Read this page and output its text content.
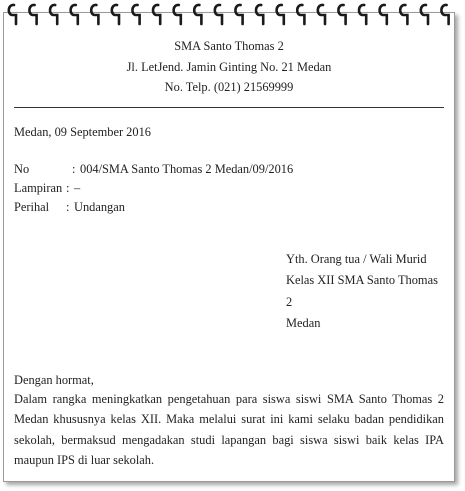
SMA Santo Thomas 2
Jl. LetJend. Jamin Ginting No. 21 Medan
No. Telp. (021) 21569999
Medan, 09 September 2016
No	: 004/SMA Santo Thomas 2 Medan/09/2016
Lampiran : –
Perihal	: Undangan
Yth. Orang tua / Wali Murid
Kelas XII SMA Santo Thomas 2
Medan
Dengan hormat,
Dalam rangka meningkatkan pengetahuan para siswa siswi SMA Santo Thomas 2 Medan khususnya kelas XII. Maka melalui surat ini kami selaku badan pendidikan sekolah, bermaksud mengadakan studi lapangan bagi siswa siswi baik kelas IPA maupun IPS di luar sekolah.
